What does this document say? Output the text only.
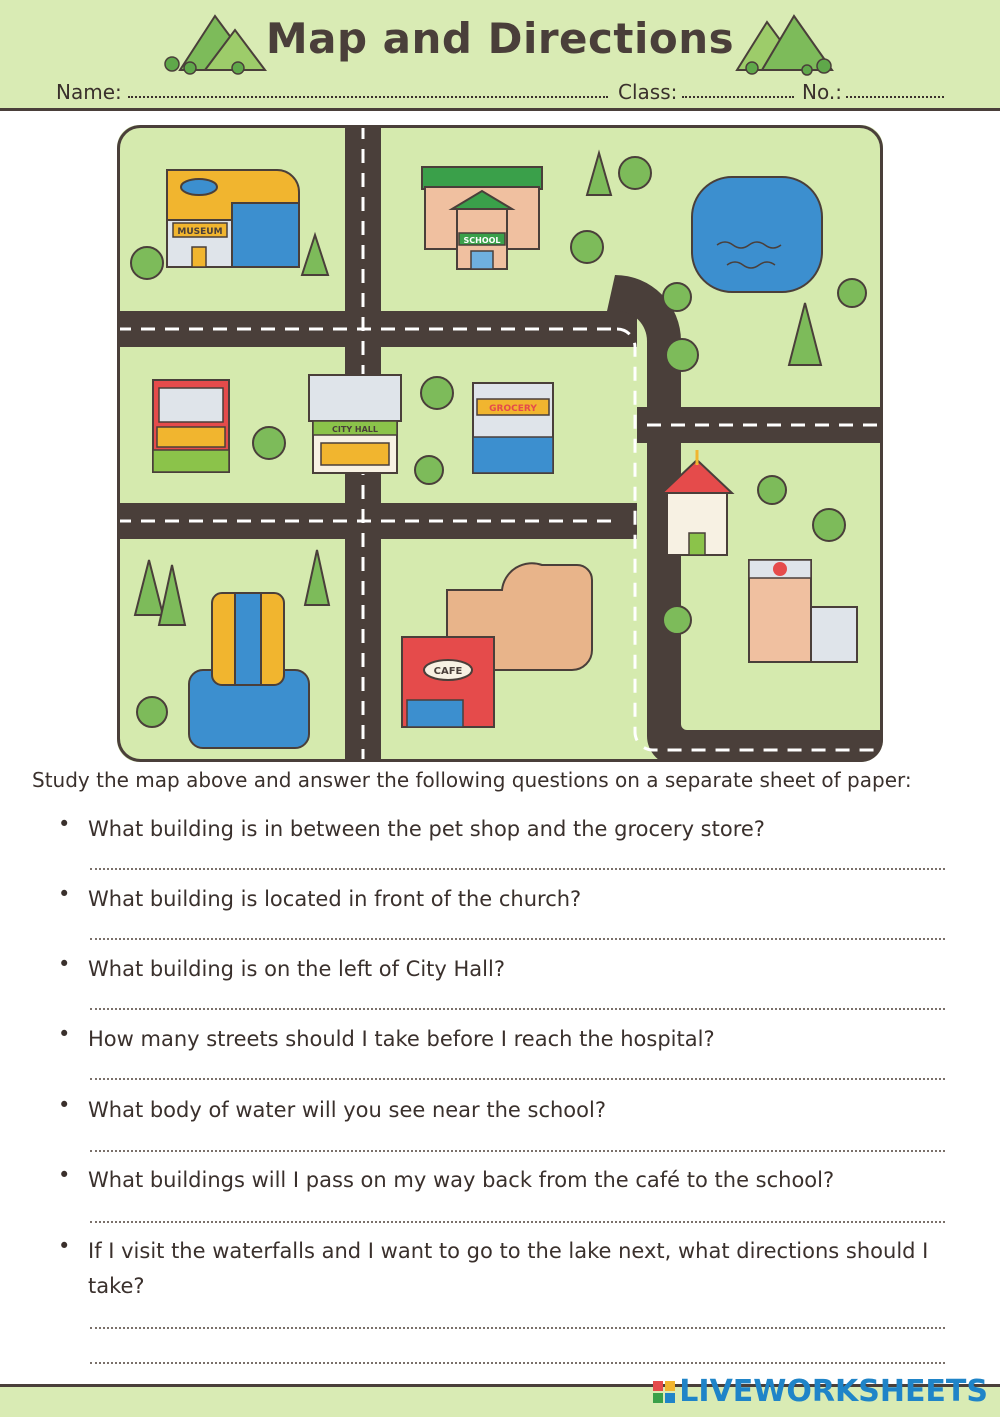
Map and Directions
Name:	Class:	No.:
MUSEUM
SCHOOL
CITY HALL
GROCERY
CAFE
Study the map above and answer the following questions on a separate sheet of paper:
• What building is in between the pet shop and the grocery store?
• What building is located in front of the church?
• What building is on the left of City Hall?
• How many streets should I take before I reach the hospital?
• What body of water will you see near the school?
• What buildings will I pass on my way back from the café to the school?
• If I visit the waterfalls and I want to go to the lake next, what directions should I take?
LIVEWORKSHEETS
